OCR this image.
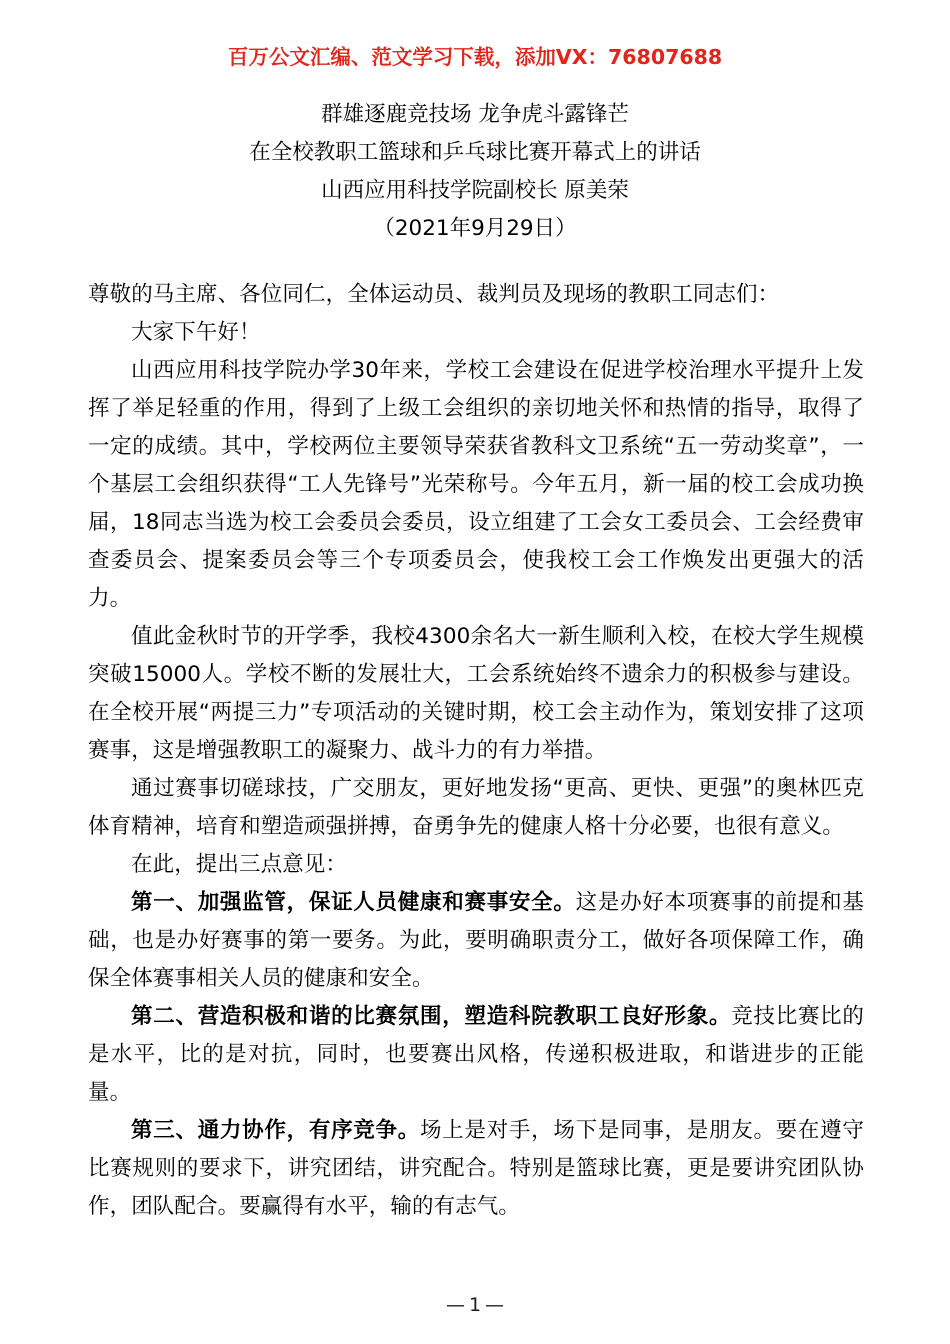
百万公文汇编、范文学习下载，添加VX：76807688
群雄逐鹿竞技场 龙争虎斗露锋芒
在全校教职工篮球和乒乓球比赛开幕式上的讲话
山西应用科技学院副校长 原美荣
（2021年9月29日）

尊敬的马主席、各位同仁，全体运动员、裁判员及现场的教职工同志们：

大家下午好！

山西应用科技学院办学30年来，学校工会建设在促进学校治理水平提升上发挥了举足轻重的作用，得到了上级工会组织的亲切地关怀和热情的指导，取得了一定的成绩。其中，学校两位主要领导荣获省教科文卫系统“五一劳动奖章”，一个基层工会组织获得“工人先锋号”光荣称号。今年五月，新一届的校工会成功换届，18同志当选为校工会委员会委员，设立组建了工会女工委员会、工会经费审查委员会、提案委员会等三个专项委员会，使我校工会工作焕发出更强大的活力。

值此金秋时节的开学季，我校4300余名大一新生顺利入校，在校大学生规模突破15000人。学校不断的发展壮大，工会系统始终不遗余力的积极参与建设。在全校开展“两提三力”专项活动的关键时期，校工会主动作为，策划安排了这项赛事，这是增强教职工的凝聚力、战斗力的有力举措。

通过赛事切磋球技，广交朋友，更好地发扬“更高、更快、更强”的奥林匹克体育精神，培育和塑造顽强拼搏，奋勇争先的健康人格十分必要，也很有意义。

在此，提出三点意见：

第一、加强监管，保证人员健康和赛事安全。这是办好本项赛事的前提和基础，也是办好赛事的第一要务。为此，要明确职责分工，做好各项保障工作，确保全体赛事相关人员的健康和安全。

第二、营造积极和谐的比赛氛围，塑造科院教职工良好形象。竞技比赛比的是水平，比的是对抗，同时，也要赛出风格，传递积极进取，和谐进步的正能量。

第三、通力协作，有序竞争。场上是对手，场下是同事，是朋友。要在遵守比赛规则的要求下，讲究团结，讲究配合。特别是篮球比赛，更是要讲究团队协作，团队配合。要赢得有水平，输的有志气。

— 1 —
